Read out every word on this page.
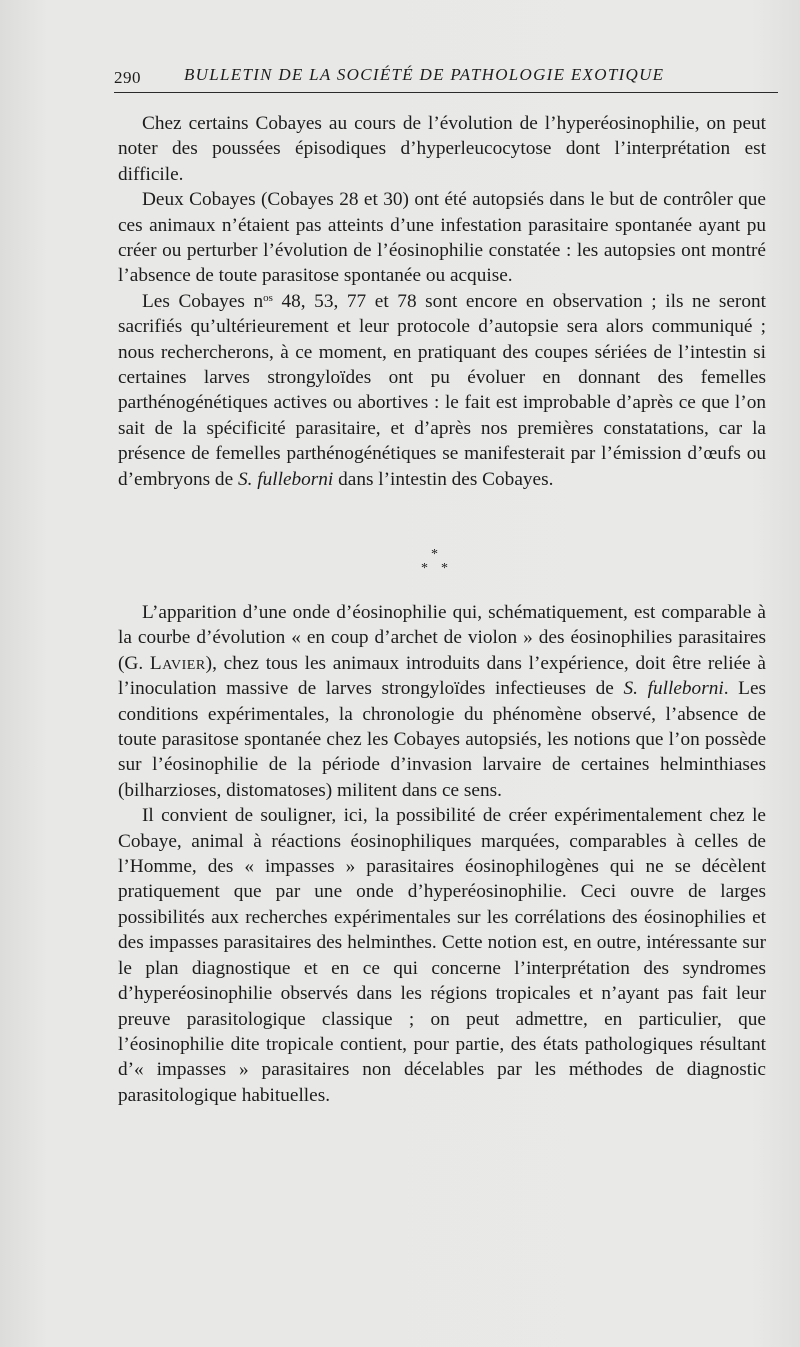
290	BULLETIN DE LA SOCIÉTÉ DE PATHOLOGIE EXOTIQUE

Chez certains Cobayes au cours de l’évolution de l’hyperéosinophilie, on peut noter des poussées épisodiques d’hyperleucocytose dont l’interprétation est difficile.

Deux Cobayes (Cobayes 28 et 30) ont été autopsiés dans le but de contrôler que ces animaux n’étaient pas atteints d’une infestation parasitaire spontanée ayant pu créer ou perturber l’évolution de l’éosinophilie constatée : les autopsies ont montré l’absence de toute parasitose spontanée ou acquise.

Les Cobayes $n^{os}$ 48, 53, 77 et 78 sont encore en observation ; ils ne seront sacrifiés qu’ultérieurement et leur protocole d’autopsie sera alors communiqué ; nous rechercherons, à ce moment, en pratiquant des coupes sériées de l’intestin si certaines larves strongyloïdes ont pu évoluer en donnant des femelles parthénogénétiques actives ou abortives : le fait est improbable d’après ce que l’on sait de la spécificité parasitaire, et d’après nos premières constatations, car la présence de femelles parthénogénétiques se manifesterait par l’émission d’œufs ou d’embryons de S. fulleborni dans l’intestin des Cobayes.

*
* *

L’apparition d’une onde d’éosinophilie qui, schématiquement, est comparable à la courbe d’évolution « en coup d’archet de violon » des éosinophilies parasitaires (G. Lavier), chez tous les animaux introduits dans l’expérience, doit être reliée à l’inoculation massive de larves strongyloïdes infectieuses de S. fulleborni. Les conditions expérimentales, la chronologie du phénomène observé, l’absence de toute parasitose spontanée chez les Cobayes autopsiés, les notions que l’on possède sur l’éosinophilie de la période d’invasion larvaire de certaines helminthiases (bilharzioses, distomatoses) militent dans ce sens.

Il convient de souligner, ici, la possibilité de créer expérimentalement chez le Cobaye, animal à réactions éosinophiliques marquées, comparables à celles de l’Homme, des « impasses » parasitaires éosinophilogènes qui ne se décèlent pratiquement que par une onde d’hyperéosinophilie. Ceci ouvre de larges possibilités aux recherches expérimentales sur les corrélations des éosinophilies et des impasses parasitaires des helminthes. Cette notion est, en outre, intéressante sur le plan diagnostique et en ce qui concerne l’interprétation des syndromes d’hyperéosinophilie observés dans les régions tropicales et n’ayant pas fait leur preuve parasitologique classique ; on peut admettre, en particulier, que l’éosinophilie dite tropicale contient, pour partie, des états pathologiques résultant d’« impasses » parasitaires non décelables par les méthodes de diagnostic parasitologique habituelles.
